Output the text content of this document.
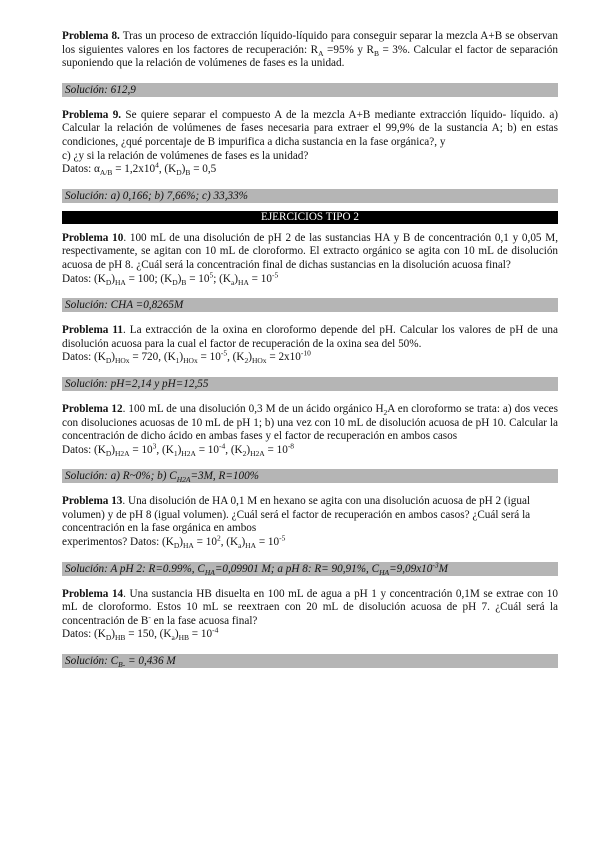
Problema 8. Tras un proceso de extracción líquido-líquido para conseguir separar la mezcla A+B se observan los siguientes valores en los factores de recuperación: $R_A =95\%$ y $R_B = 3\%$. Calcular el factor de separación suponiendo que la relación de volúmenes de fases es la unidad.

Solución: 612,9

Problema 9. Se quiere separar el compuesto A de la mezcla A+B mediante extracción líquido- líquido. a) Calcular la relación de volúmenes de fases necesaria para extraer el 99,9% de la sustancia A; b) en estas condiciones, ¿qué porcentaje de B impurifica a dicha sustancia en la fase orgánica?, y

c) ¿y si la relación de volúmenes de fases es la unidad?

Datos: $\alpha_{A/B} = 1,2x10^4$, $(K_D)_B = 0,5$

Solución: a) 0,166; b) 7,66%; c) 33,33%

EJERCICIOS TIPO 2

Problema 10. 100 mL de una disolución de pH 2 de las sustancias HA y B de concentración 0,1 y 0,05 M, respectivamente, se agitan con 10 mL de cloroformo. El extracto orgánico se agita con 10 mL de disolución acuosa de pH 8. ¿Cuál será la concentración final de dichas sustancias en la disolución acuosa final?

Datos: $(K_D)_{HA} = 100$; $(K_D)_B = 10^5$; $(K_a)_{HA} = 10^{-5}$

Solución: CHA =0,8265M

Problema 11. La extracción de la oxina en cloroformo depende del pH. Calcular los valores de pH de una disolución acuosa para la cual el factor de recuperación de la oxina sea del 50%.

Datos: $(K_D)_{HOx} = 720$, $(K_1)_{HOx} = 10^{-5}$, $(K_2)_{HOx} = 2x10^{-10}$

Solución: pH=2,14 y pH=12,55

Problema 12. 100 mL de una disolución 0,3 M de un ácido orgánico $H_2A$ en cloroformo se trata: a) dos veces con disoluciones acuosas de 10 mL de pH 1; b) una vez con 10 mL de disolución acuosa de pH 10. Calcular la concentración de dicho ácido en ambas fases y el factor de recuperación en ambos casos

Datos: $(K_D)_{H2A} = 10^3$, $(K_1)_{H2A} = 10^{-4}$, $(K_2)_{H2A} = 10^{-8}$

Solución: a) R~0%; b) $C_{H2A}=3M$, R=100%

Problema 13. Una disolución de HA 0,1 M en hexano se agita con una disolución acuosa de pH 2 (igual volumen) y de pH 8 (igual volumen). ¿Cuál será el factor de recuperación en ambos casos? ¿Cuál será la concentración en la fase orgánica en ambos

experimentos? Datos: $(K_D)_{HA} = 10^2$, $(K_a)_{HA} = 10^{-5}$

Solución: A pH 2: R=0.99%, $C_{HA}=0,09901$ M; a pH 8: R= 90,91%, $C_{HA}=9,09x10^{-3}M$

Problema 14. Una sustancia HB disuelta en 100 mL de agua a pH 1 y concentración 0,1M se extrae con 10 mL de cloroformo. Estos 10 mL se reextraen con 20 mL de disolución acuosa de pH 7. ¿Cuál será la concentración de B- en la fase acuosa final?

Datos: $(K_D)_{HB} = 150$, $(K_a)_{HB} = 10^{-4}$

Solución: $C_{B-} = 0,436$ M
